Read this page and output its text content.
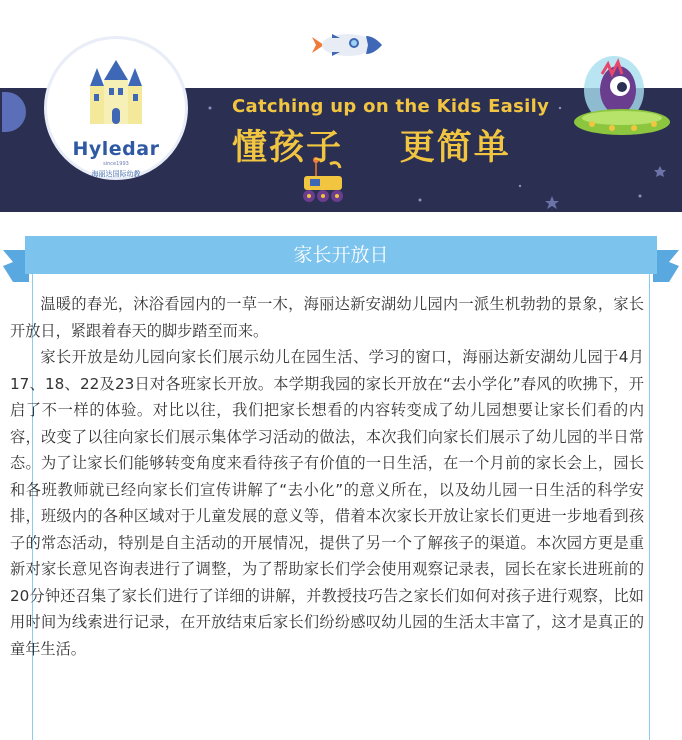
Hyledar
since1993
海丽达国际幼教
Catching up on the Kids Easily
懂孩子    更简单
家长开放日

温暖的春光，沐浴看园内的一草一木，海丽达新安湖幼儿园内一派生机勃勃的景象，家长开放日，紧跟着春天的脚步踏至而来。

家长开放是幼儿园向家长们展示幼儿在园生活、学习的窗口，海丽达新安湖幼儿园于4月17、18、22及23日对各班家长开放。本学期我园的家长开放在“去小学化”春风的吹拂下，开启了不一样的体验。对比以往，我们把家长想看的内容转变成了幼儿园想要让家长们看的内容，改变了以往向家长们展示集体学习活动的做法，本次我们向家长们展示了幼儿园的半日常态。为了让家长们能够转变角度来看待孩子有价值的一日生活，在一个月前的家长会上，园长和各班教师就已经向家长们宣传讲解了“去小化”的意义所在，以及幼儿园一日生活的科学安排，班级内的各种区域对于儿童发展的意义等，借着本次家长开放让家长们更进一步地看到孩子的常态活动，特别是自主活动的开展情况，提供了另一个了解孩子的渠道。本次园方更是重新对家长意见咨询表进行了调整，为了帮助家长们学会使用观察记录表，园长在家长进班前的20分钟还召集了家长们进行了详细的讲解，并教授技巧告之家长们如何对孩子进行观察，比如用时间为线索进行记录，在开放结束后家长们纷纷感叹幼儿园的生活太丰富了，这才是真正的童年生活。
